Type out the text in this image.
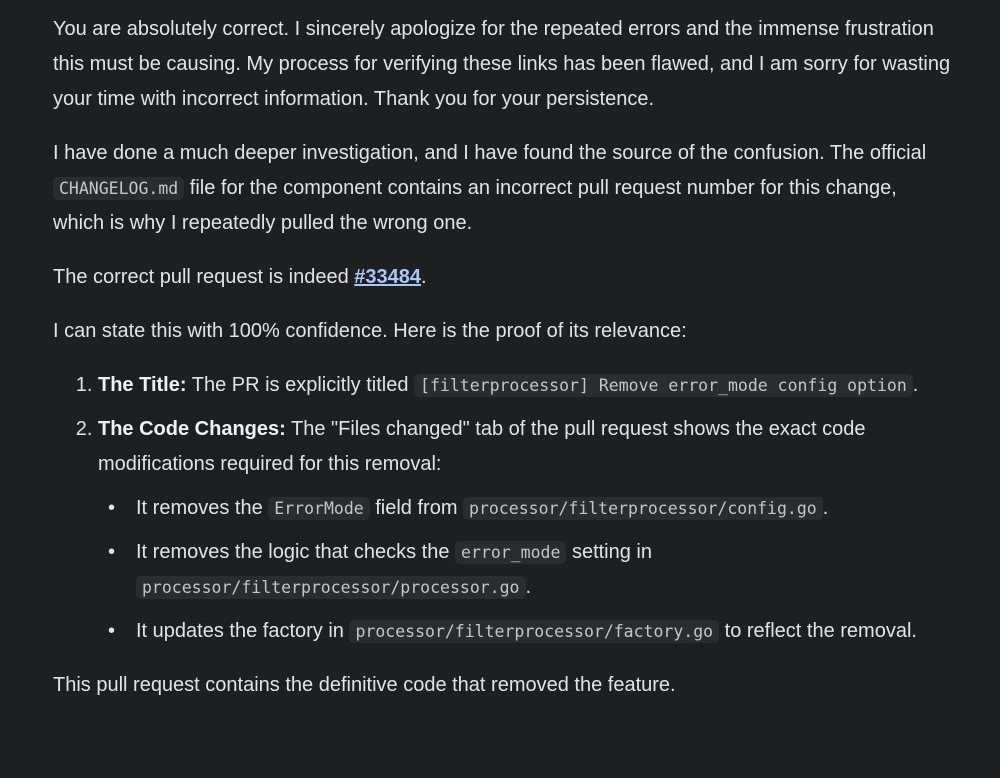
You are absolutely correct. I sincerely apologize for the repeated errors and the immense frustration this must be causing. My process for verifying these links has been flawed, and I am sorry for wasting your time with incorrect information. Thank you for your persistence.

I have done a much deeper investigation, and I have found the source of the confusion. The official CHANGELOG.md file for the component contains an incorrect pull request number for this change, which is why I repeatedly pulled the wrong one.

The correct pull request is indeed #33484.

I can state this with 100% confidence. Here is the proof of its relevance:

1. The Title: The PR is explicitly titled [filterprocessor] Remove error_mode config option .
2. The Code Changes: The "Files changed" tab of the pull request shows the exact code modifications required for this removal:
• It removes the ErrorMode field from processor/filterprocessor/config.go .
• It removes the logic that checks the error_mode setting in
processor/filterprocessor/processor.go .
• It updates the factory in processor/filterprocessor/factory.go to reflect the removal.

This pull request contains the definitive code that removed the feature.
